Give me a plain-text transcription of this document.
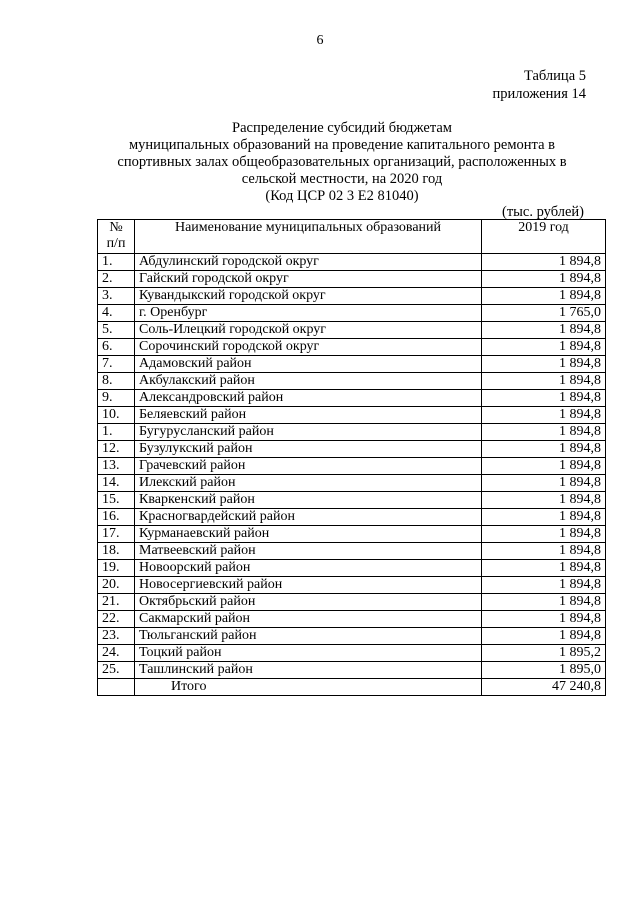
6
Таблица 5
приложения 14
Распределение субсидий бюджетам
муниципальных образований на проведение капитального ремонта в
спортивных залах общеобразовательных организаций, расположенных в
сельской местности, на 2020 год
(Код ЦСР 02 3 E2 81040)
(тыс. рублей)
№
п/п	Наименование муниципальных образований	2019 год
1.	Абдулинский городской округ	1 894,8
2.	Гайский городской округ	1 894,8
3.	Кувандыкский городской округ	1 894,8
4.	г. Оренбург	1 765,0
5.	Соль-Илецкий городской округ	1 894,8
6.	Сорочинский городской округ	1 894,8
7.	Адамовский район	1 894,8
8.	Акбулакский район	1 894,8
9.	Александровский район	1 894,8
10.	Беляевский район	1 894,8
1.	Бугурусланский район	1 894,8
12.	Бузулукский район	1 894,8
13.	Грачевский район	1 894,8
14.	Илекский район	1 894,8
15.	Кваркенский район	1 894,8
16.	Красногвардейский район	1 894,8
17.	Курманаевский район	1 894,8
18.	Матвеевский район	1 894,8
19.	Новоорский район	1 894,8
20.	Новосергиевский район	1 894,8
21.	Октябрьский район	1 894,8
22.	Сакмарский район	1 894,8
23.	Тюльганский район	1 894,8
24.	Тоцкий район	1 895,2
25.	Ташлинский район	1 895,0
	Итого	47 240,8
